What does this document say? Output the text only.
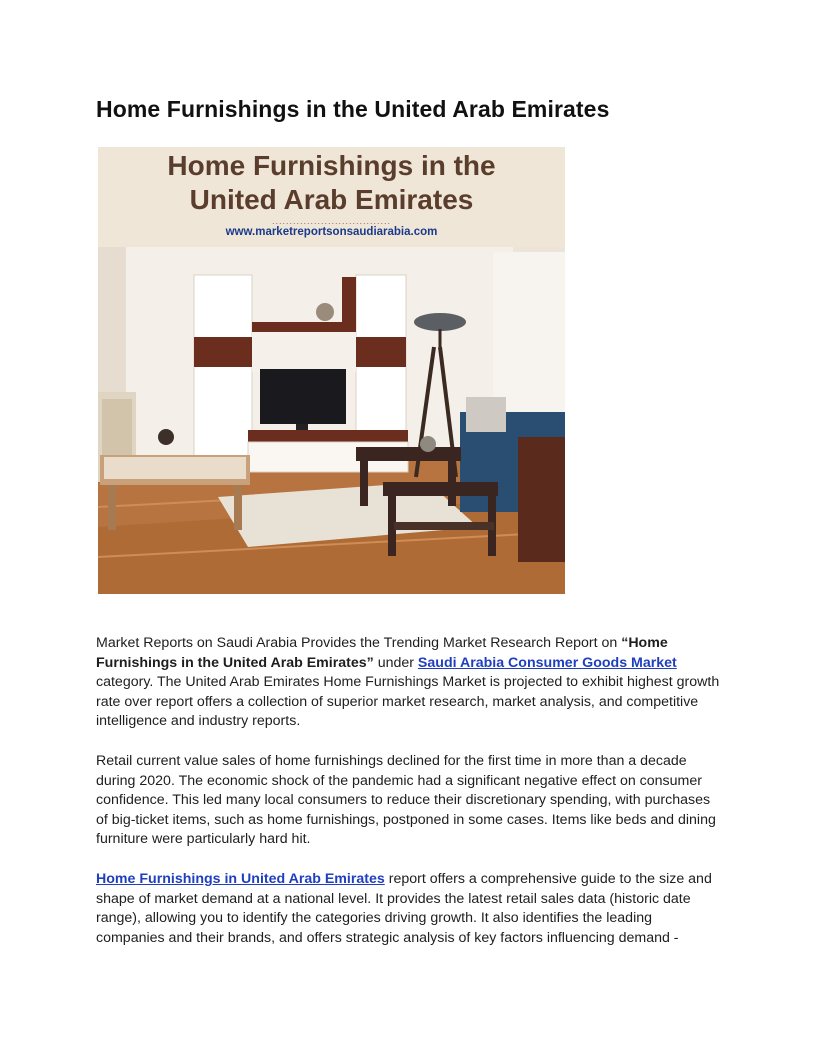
Home Furnishings in the United Arab Emirates
Home Furnishings in the
United Arab Emirates
..................................
www.marketreportsonsaudiarabia.com

Market Reports on Saudi Arabia Provides the Trending Market Research Report on “Home Furnishings in the United Arab Emirates” under Saudi Arabia Consumer Goods Market category. The United Arab Emirates Home Furnishings Market is projected to exhibit highest growth rate over report offers a collection of superior market research, market analysis, and competitive intelligence and industry reports.

Retail current value sales of home furnishings declined for the first time in more than a decade during 2020. The economic shock of the pandemic had a significant negative effect on consumer confidence. This led many local consumers to reduce their discretionary spending, with purchases of big-ticket items, such as home furnishings, postponed in some cases. Items like beds and dining furniture were particularly hard hit.

Home Furnishings in United Arab Emirates report offers a comprehensive guide to the size and shape of market demand at a national level. It provides the latest retail sales data (historic date range), allowing you to identify the categories driving growth. It also identifies the leading companies and their brands, and offers strategic analysis of key factors influencing demand -
